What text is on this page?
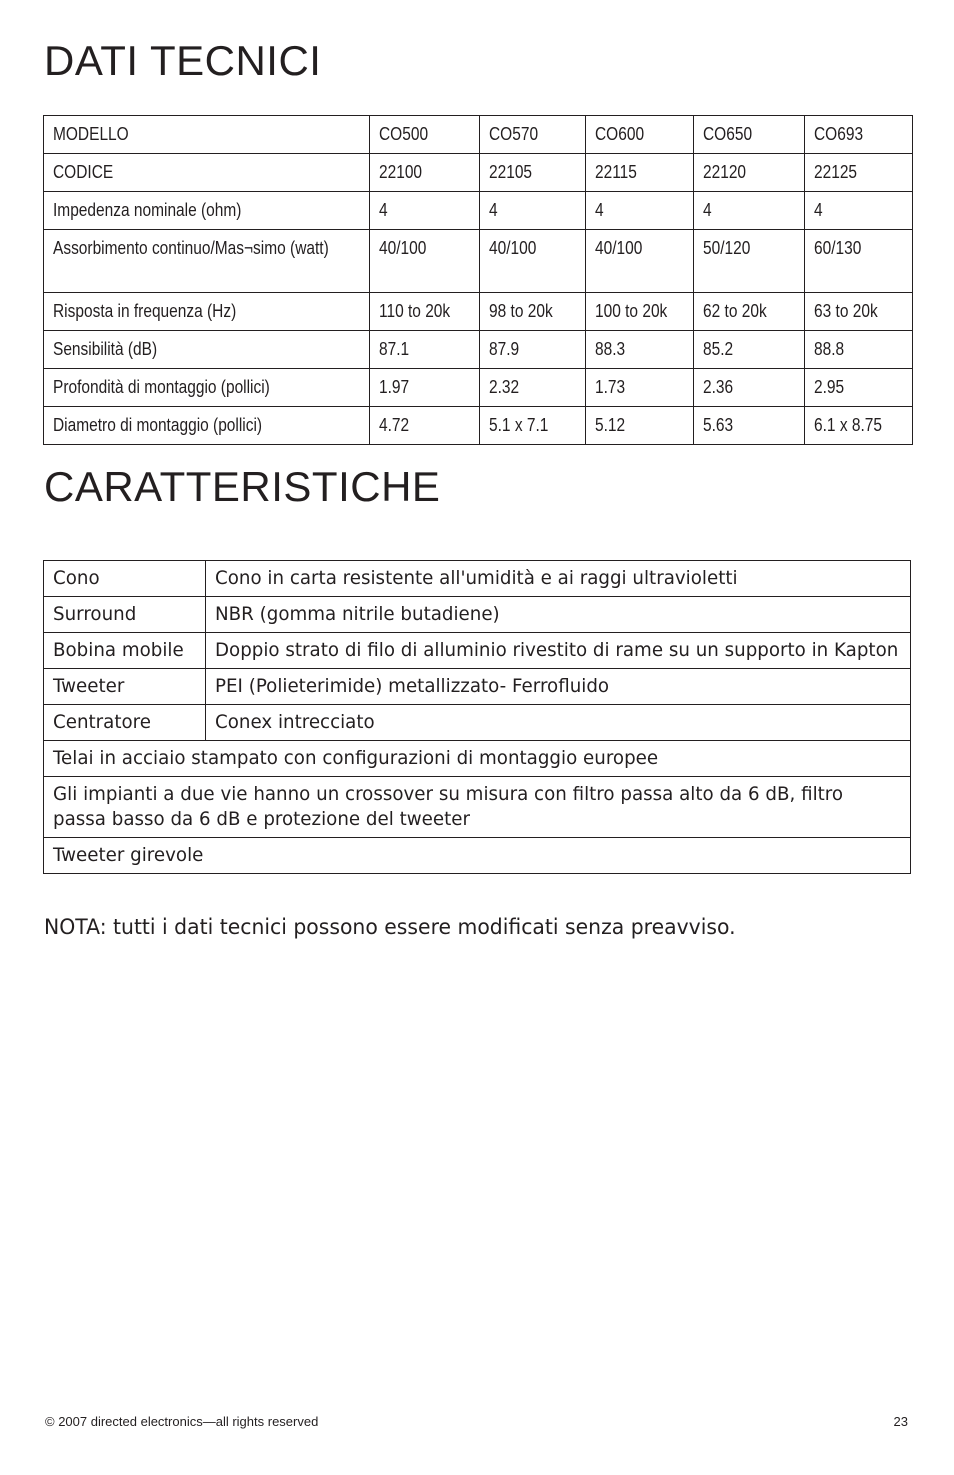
DATI TECNICI
MODELLO	CO500	CO570	CO600	CO650	CO693
CODICE	22100	22105	22115	22120	22125
Impedenza nominale (ohm)	4	4	4	4	4

Assorbimento continuo/Mas¬simo (watt)	40/100	40/100	40/100	50/120	60/130
Risposta in frequenza (Hz)	110 to 20k	98 to 20k	100 to 20k	62 to 20k	63 to 20k
Sensibilità (dB)	87.1	87.9	88.3	85.2	88.8
Profondità di montaggio (pollici)	1.97	2.32	1.73	2.36	2.95
Diametro di montaggio (pollici)	4.72	5.1 x 7.1	5.12	5.63	6.1 x 8.75
CARATTERISTICHE
Cono	Cono in carta resistente all'umidità e ai raggi ultravioletti

Surround	NBR (gomma nitrile butadiene)

Bobina mobile	Doppio strato di filo di alluminio rivestito di rame su un supporto in Kapton

Tweeter	PEI (Polieterimide) metallizzato- Ferrofluido

Centratore	Conex intrecciato

Telai in acciaio stampato con configurazioni di montaggio europee	

Gli impianti a due vie hanno un crossover su misura con filtro passa alto da 6 dB, filtro passa basso da 6 dB e protezione del tweeter	

Tweeter girevole	

NOTA: tutti i dati tecnici possono essere modificati senza preavviso.

© 2007 directed electronics—all rights reserved	23
